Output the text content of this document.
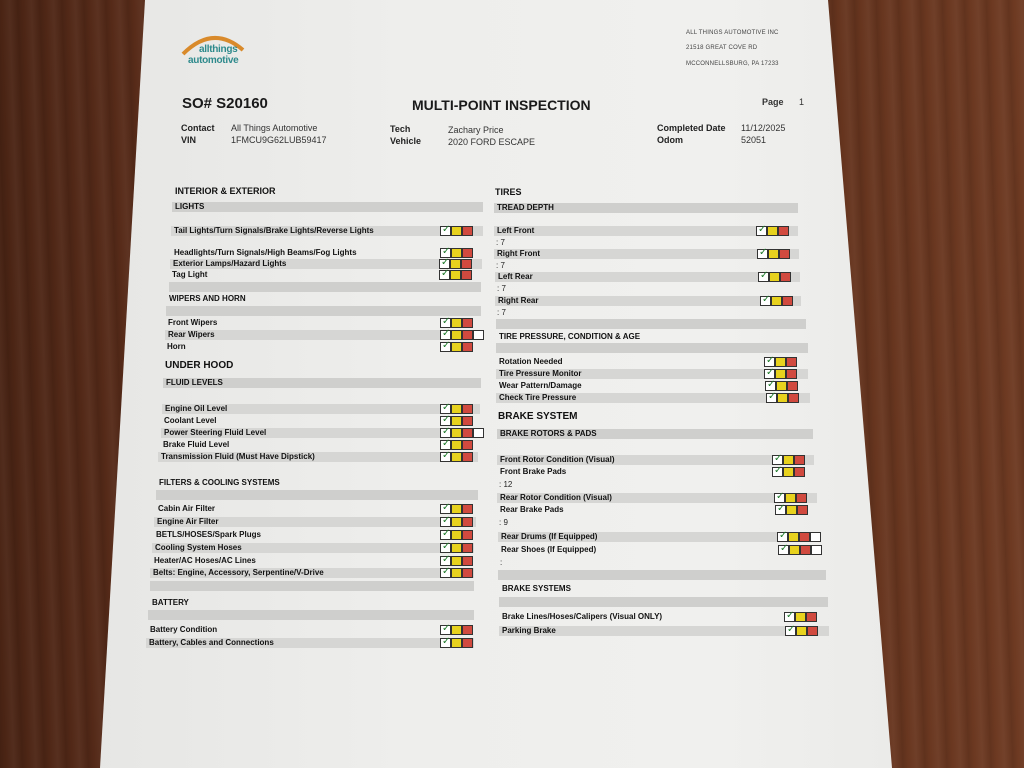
allthings
automotive
ALL THINGS AUTOMOTIVE INC
21518 GREAT COVE RD
MCCONNELLSBURG, PA 17233
SO# S20160	MULTI-POINT INSPECTION	Page 1
Contact All Things Automotive
VIN	1FMCU9G62LUB59417
Tech	Zachary Price
Vehicle	2020 FORD ESCAPE
Completed Date 11/12/2025
Odom	52051
INTERIOR & EXTERIOR
LIGHTS
Tail Lights/Turn Signals/Brake Lights/Reverse Lights
✓
Headlights/Turn Signals/High Beams/Fog Lights
✓
Exterior Lamps/Hazard Lights
✓
Tag Light
✓
WIPERS AND HORN
Front Wipers
✓
Rear Wipers
✓
Horn
✓
UNDER HOOD
FLUID LEVELS
Engine Oil Level
✓
Coolant Level
✓
Power Steering Fluid Level
✓
Brake Fluid Level
✓
Transmission Fluid (Must Have Dipstick)
✓
FILTERS & COOLING SYSTEMS
Cabin Air Filter
✓
Engine Air Filter
✓
BETLS/HOSES/Spark Plugs
✓
Cooling System Hoses
✓
Heater/AC Hoses/AC Lines
✓
Belts: Engine, Accessory, Serpentine/V-Drive
✓
BATTERY
Battery Condition
✓
Battery, Cables and Connections
✓
TIRES
TREAD DEPTH
Left Front
✓
: 7
Right Front
✓
: 7
Left Rear
✓
: 7
Right Rear
✓
: 7
TIRE PRESSURE, CONDITION & AGE
Rotation Needed
✓
Tire Pressure Monitor
✓
Wear Pattern/Damage
✓
Check Tire Pressure
✓
BRAKE SYSTEM
BRAKE ROTORS & PADS
Front Rotor Condition (Visual)
✓
Front Brake Pads
✓
: 12
Rear Rotor Condition (Visual)
✓
Rear Brake Pads
✓
: 9
Rear Drums (If Equipped)
✓
Rear Shoes (If Equipped)
✓
:
BRAKE SYSTEMS
Brake Lines/Hoses/Calipers (Visual ONLY)
✓
Parking Brake
✓
